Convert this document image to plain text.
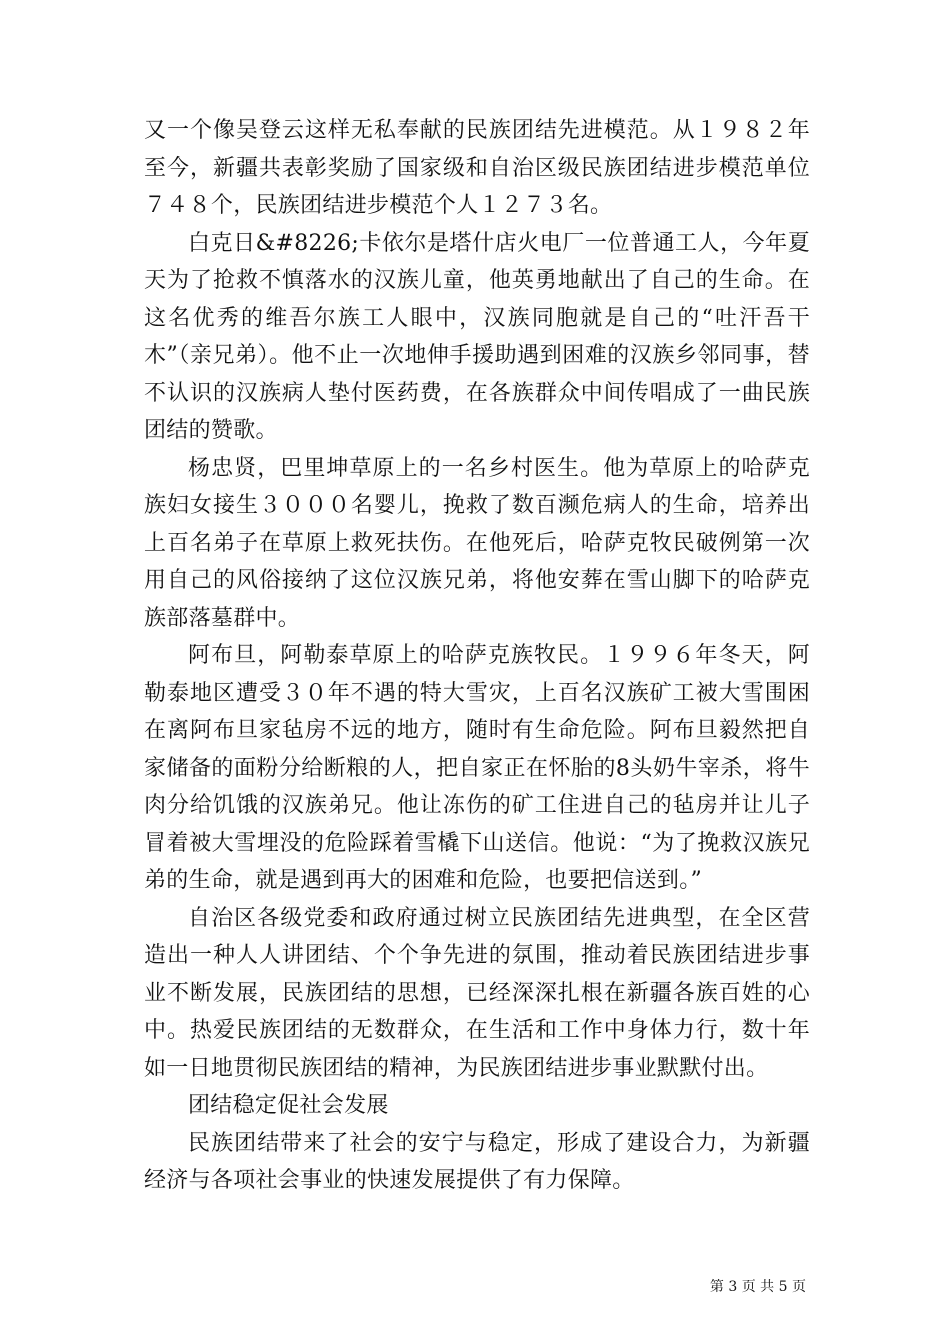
又一个像吴登云这样无私奉献的民族团结先进模范。从１９８２年至今，新疆共表彰奖励了国家级和自治区级民族团结进步模范单位７４８个，民族团结进步模范个人１２７３名。

白克日&#8226;卡依尔是塔什店火电厂一位普通工人，今年夏天为了抢救不慎落水的汉族儿童，他英勇地献出了自己的生命。在这名优秀的维吾尔族工人眼中，汉族同胞就是自己的“吐汗吾干木”（亲兄弟）。他不止一次地伸手援助遇到困难的汉族乡邻同事，替不认识的汉族病人垫付医药费，在各族群众中间传唱成了一曲民族团结的赞歌。

杨忠贤，巴里坤草原上的一名乡村医生。他为草原上的哈萨克族妇女接生３０００名婴儿，挽救了数百濒危病人的生命，培养出上百名弟子在草原上救死扶伤。在他死后，哈萨克牧民破例第一次用自己的风俗接纳了这位汉族兄弟，将他安葬在雪山脚下的哈萨克族部落墓群中。

阿布旦，阿勒泰草原上的哈萨克族牧民。１９９６年冬天，阿勒泰地区遭受３０年不遇的特大雪灾，上百名汉族矿工被大雪围困在离阿布旦家毡房不远的地方，随时有生命危险。阿布旦毅然把自家储备的面粉分给断粮的人，把自家正在怀胎的8头奶牛宰杀，将牛肉分给饥饿的汉族弟兄。他让冻伤的矿工住进自己的毡房并让儿子冒着被大雪埋没的危险踩着雪橇下山送信。他说：“为了挽救汉族兄弟的生命，就是遇到再大的困难和危险，也要把信送到。”

自治区各级党委和政府通过树立民族团结先进典型，在全区营造出一种人人讲团结、个个争先进的氛围，推动着民族团结进步事业不断发展，民族团结的思想，已经深深扎根在新疆各族百姓的心中。热爱民族团结的无数群众，在生活和工作中身体力行，数十年如一日地贯彻民族团结的精神，为民族团结进步事业默默付出。

团结稳定促社会发展

民族团结带来了社会的安宁与稳定，形成了建设合力，为新疆经济与各项社会事业的快速发展提供了有力保障。

第 3 页 共 5 页
